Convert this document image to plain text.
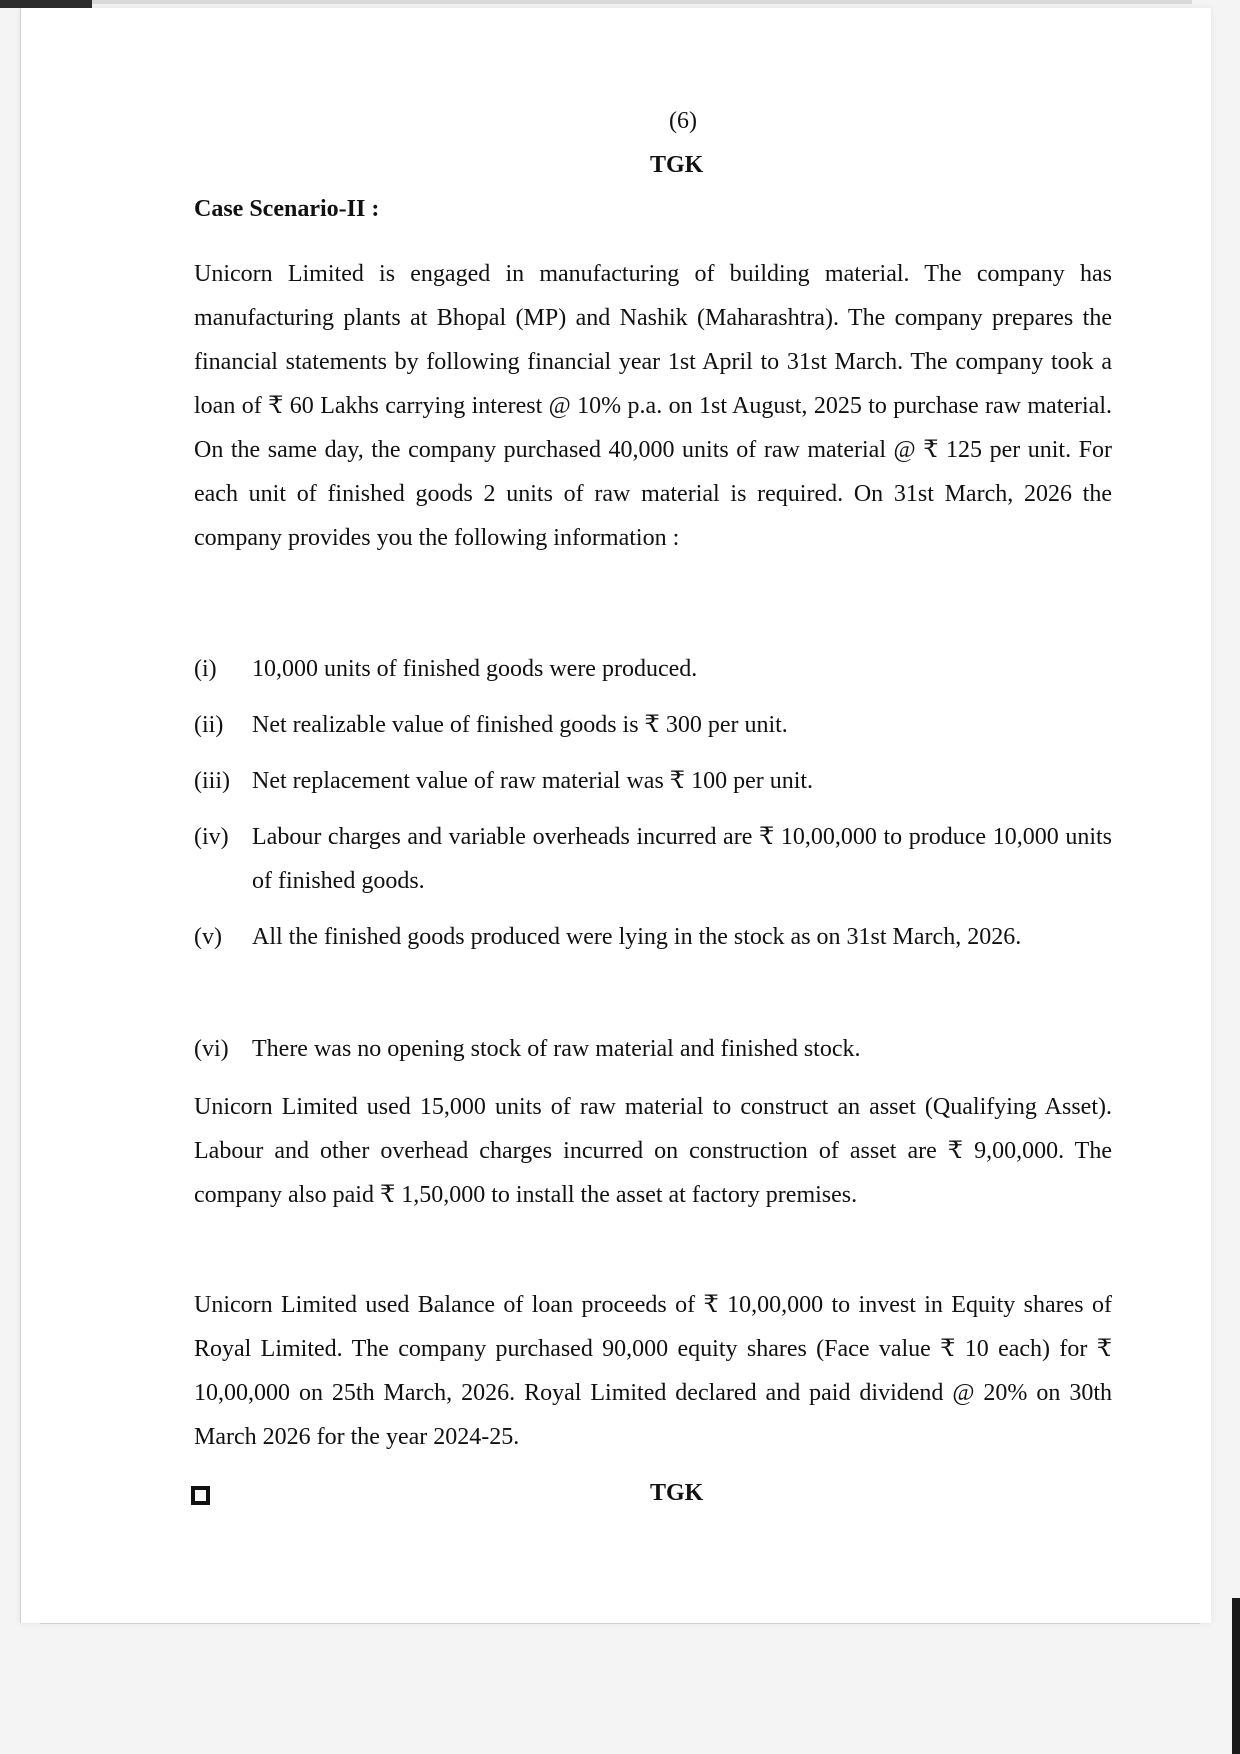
(6)
TGK
Case Scenario-II :

Unicorn Limited is engaged in manufacturing of building material. The company has manufacturing plants at Bhopal (MP) and Nashik (Maharashtra). The company prepares the financial statements by following financial year 1st April to 31st March. The company took a loan of ₹ 60 Lakhs carrying interest @ 10% p.a. on 1st August, 2025 to purchase raw material. On the same day, the company purchased 40,000 units of raw material @ ₹ 125 per unit. For each unit of finished goods 2 units of raw material is required. On 31st March, 2026 the company provides you the following information :

(i) 10,000 units of finished goods were produced.
(ii) Net realizable value of finished goods is ₹ 300 per unit.
(iii) Net replacement value of raw material was ₹ 100 per unit.
(iv) Labour charges and variable overheads incurred are ₹ 10,00,000 to produce 10,000 units of finished goods.
(v) All the finished goods produced were lying in the stock as on 31st March, 2026.
(vi) There was no opening stock of raw material and finished stock.

Unicorn Limited used 15,000 units of raw material to construct an asset (Qualifying Asset). Labour and other overhead charges incurred on construction of asset are ₹ 9,00,000. The company also paid ₹ 1,50,000 to install the asset at factory premises.

Unicorn Limited used Balance of loan proceeds of ₹ 10,00,000 to invest in Equity shares of Royal Limited. The company purchased 90,000 equity shares (Face value ₹ 10 each) for ₹ 10,00,000 on 25th March, 2026. Royal Limited declared and paid dividend @ 20% on 30th March 2026 for the year 2024-25.

TGK
